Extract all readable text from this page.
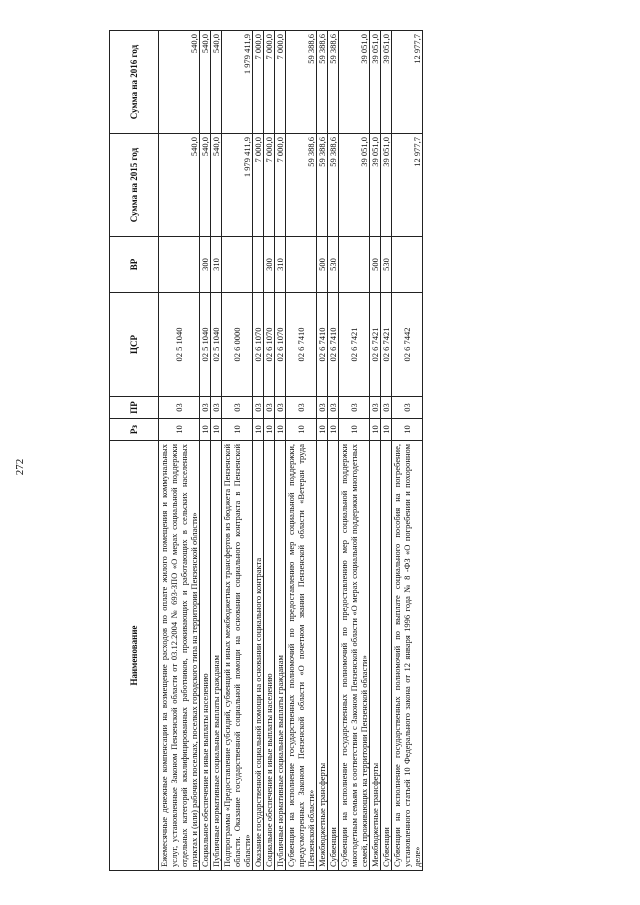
272
Наименование	Рз	ПР	ЦСР	ВР	Сумма на 2015 год	Сумма на 2016 год
Ежемесячные денежные компенсации на возмещение расходов по оплате жилого помещения и коммунальных услуг, установленные Законом Пензенской области от 03.12.2004 № 693-ЗПО «О мерах социальной поддержки отдельных категорий квалифицированных работников, проживающих и работающих в сельских населенных пунктах и (или) рабочих поселках, поселках городского типа на территории Пензенской области»	10	03	02 5 1040		540,0	540,0
Социальное обеспечение и иные выплаты населению	10	03	02 5 1040	300	540,0	540,0
Публичные нормативные социальные выплаты гражданам	10	03	02 5 1040	310	540,0	540,0
Подпрограмма «Предоставление субсидий, субвенций и иных межбюджетных трансфертов из бюджета Пензенской области. Оказание государственной социальной помощи на основании социального контракта в Пензенской области»	10	03	02 6 0000		1 979 411,9	1 979 411,9
Оказание государственной социальной помощи на основании социального контракта	10	03	02 6 1070		7 000,0	7 000,0
Социальное обеспечение и иные выплаты населению	10	03	02 6 1070	300	7 000,0	7 000,0
Публичные нормативные социальные выплаты гражданам	10	03	02 6 1070	310	7 000,0	7 000,0
Субвенции на исполнение государственных полномочий по предоставлению мер социальной поддержки, предусмотренных Законом Пензенской области «О почетном звании Пензенской области «Ветеран труда Пензенской области»	10	03	02 6 7410		59 388,6	59 388,6
Межбюджетные трансферты	10	03	02 6 7410	500	59 388,6	59 388,6
Субвенции	10	03	02 6 7410	530	59 388,6	59 388,6
Субвенции на исполнение государственных полномочий по предоставлению мер социальной поддержки многодетным семьям в соответствии с Законом Пензенской области «О мерах социальной поддержки многодетных семей, проживающих на территории Пензенской области»	10	03	02 6 7421		39 051,0	39 051,0
Межбюджетные трансферты	10	03	02 6 7421	500	39 051,0	39 051,0
Субвенции	10	03	02 6 7421	530	39 051,0	39 051,0
Субвенции на исполнение государственных полномочий по выплате социального пособия на погребение, установленного статьей 10 Федерального закона от 12 января 1996 года № 8 -ФЗ «О погребении и похоронном деле»	10	03	02 6 7442		12 977,7	12 977,7
